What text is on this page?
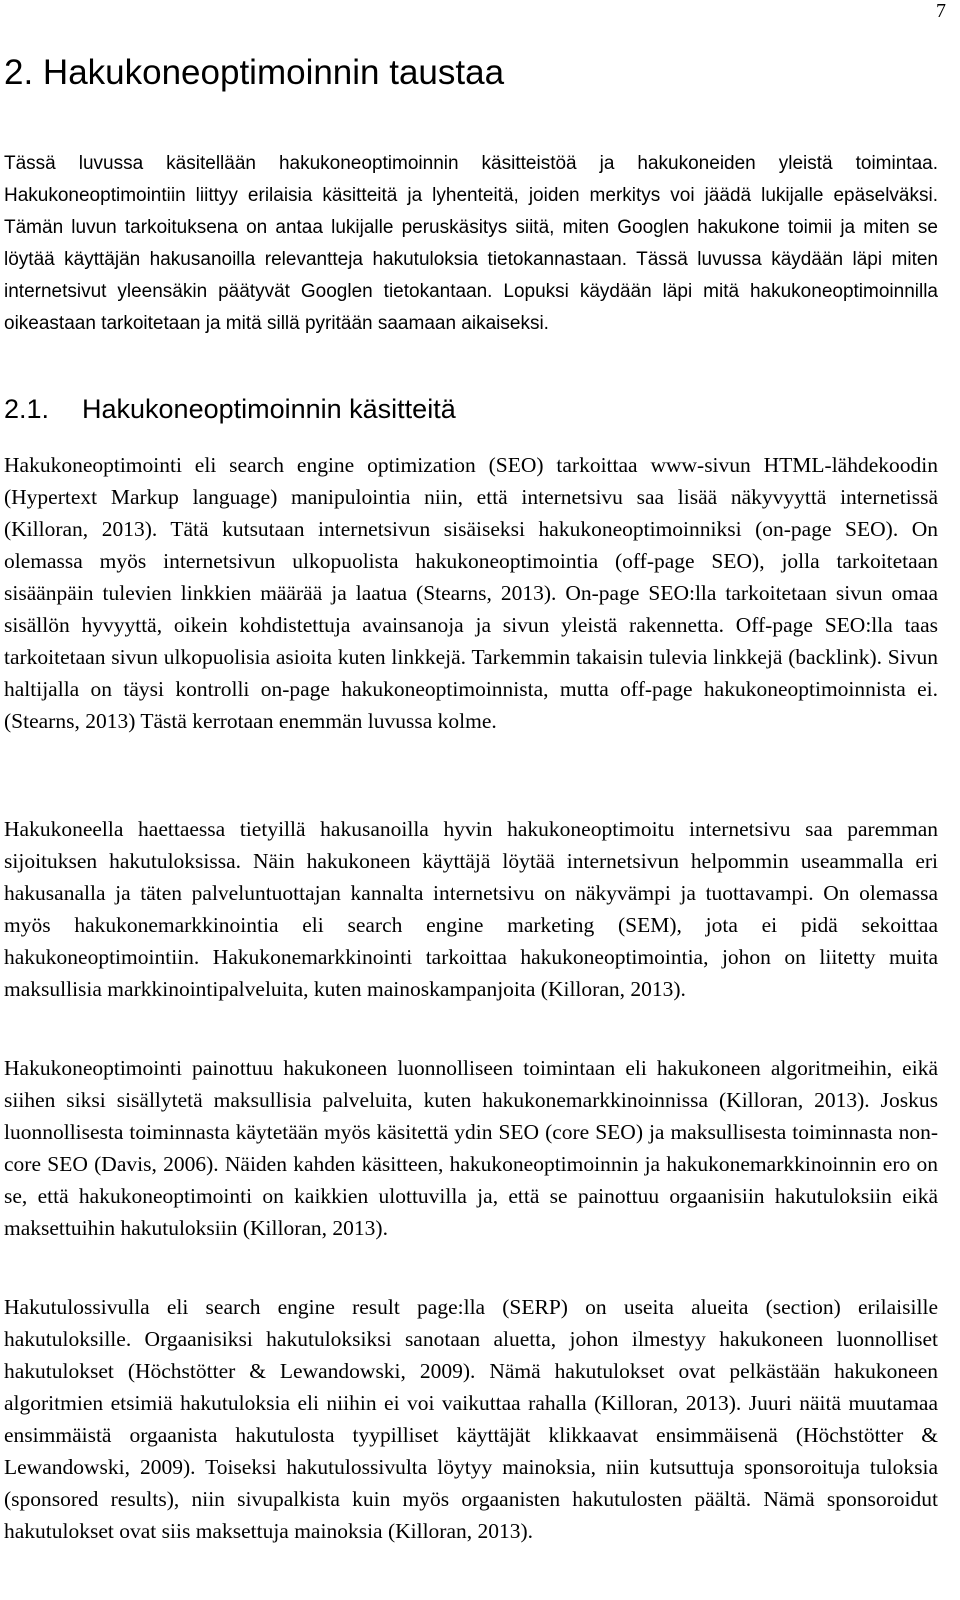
7
2. Hakukoneoptimoinnin taustaa

Tässä luvussa käsitellään hakukoneoptimoinnin käsitteistöä ja hakukoneiden yleistä toimintaa. Hakukoneoptimointiin liittyy erilaisia käsitteitä ja lyhenteitä, joiden merkitys voi jäädä lukijalle epäselväksi. Tämän luvun tarkoituksena on antaa lukijalle peruskäsitys siitä, miten Googlen hakukone toimii ja miten se löytää käyttäjän hakusanoilla relevantteja hakutuloksia tietokannastaan. Tässä luvussa käydään läpi miten internetsivut yleensäkin päätyvät Googlen tietokantaan. Lopuksi käydään läpi mitä hakukoneoptimoinnilla oikeastaan tarkoitetaan ja mitä sillä pyritään saamaan aikaiseksi.

2.1. Hakukoneoptimoinnin käsitteitä

Hakukoneoptimointi eli search engine optimization (SEO) tarkoittaa www-sivun HTML-lähdekoodin (Hypertext Markup language) manipulointia niin, että internetsivu saa lisää näkyvyyttä internetissä (Killoran, 2013). Tätä kutsutaan internetsivun sisäiseksi hakukoneoptimoinniksi (on-page SEO). On olemassa myös internetsivun ulkopuolista hakukoneoptimointia (off-page SEO), jolla tarkoitetaan sisäänpäin tulevien linkkien määrää ja laatua (Stearns, 2013). On-page SEO:lla tarkoitetaan sivun omaa sisällön hyvyyttä, oikein kohdistettuja avainsanoja ja sivun yleistä rakennetta. Off-page SEO:lla taas tarkoitetaan sivun ulkopuolisia asioita kuten linkkejä. Tarkemmin takaisin tulevia linkkejä (backlink). Sivun haltijalla on täysi kontrolli on-page hakukoneoptimoinnista, mutta off-page hakukoneoptimoinnista ei. (Stearns, 2013) Tästä kerrotaan enemmän luvussa kolme.

Hakukoneella haettaessa tietyillä hakusanoilla hyvin hakukoneoptimoitu internetsivu saa paremman sijoituksen hakutuloksissa. Näin hakukoneen käyttäjä löytää internetsivun helpommin useammalla eri hakusanalla ja täten palveluntuottajan kannalta internetsivu on näkyvämpi ja tuottavampi. On olemassa myös hakukonemarkkinointia eli search engine marketing (SEM), jota ei pidä sekoittaa hakukoneoptimointiin. Hakukonemarkkinointi tarkoittaa hakukoneoptimointia, johon on liitetty muita maksullisia markkinointipalveluita, kuten mainoskampanjoita (Killoran, 2013).

Hakukoneoptimointi painottuu hakukoneen luonnolliseen toimintaan eli hakukoneen algoritmeihin, eikä siihen siksi sisällytetä maksullisia palveluita, kuten hakukonemarkkinoinnissa (Killoran, 2013). Joskus luonnollisesta toiminnasta käytetään myös käsitettä ydin SEO (core SEO) ja maksullisesta toiminnasta non-core SEO (Davis, 2006). Näiden kahden käsitteen, hakukoneoptimoinnin ja hakukonemarkkinoinnin ero on se, että hakukoneoptimointi on kaikkien ulottuvilla ja, että se painottuu orgaanisiin hakutuloksiin eikä maksettuihin hakutuloksiin (Killoran, 2013).

Hakutulossivulla eli search engine result page:lla (SERP) on useita alueita (section) erilaisille hakutuloksille. Orgaanisiksi hakutuloksiksi sanotaan aluetta, johon ilmestyy hakukoneen luonnolliset hakutulokset (Höchstötter & Lewandowski, 2009). Nämä hakutulokset ovat pelkästään hakukoneen algoritmien etsimiä hakutuloksia eli niihin ei voi vaikuttaa rahalla (Killoran, 2013). Juuri näitä muutamaa ensimmäistä orgaanista hakutulosta tyypilliset käyttäjät klikkaavat ensimmäisenä (Höchstötter & Lewandowski, 2009). Toiseksi hakutulossivulta löytyy mainoksia, niin kutsuttuja sponsoroituja tuloksia (sponsored results), niin sivupalkista kuin myös orgaanisten hakutulosten päältä. Nämä sponsoroidut hakutulokset ovat siis maksettuja mainoksia (Killoran, 2013).
